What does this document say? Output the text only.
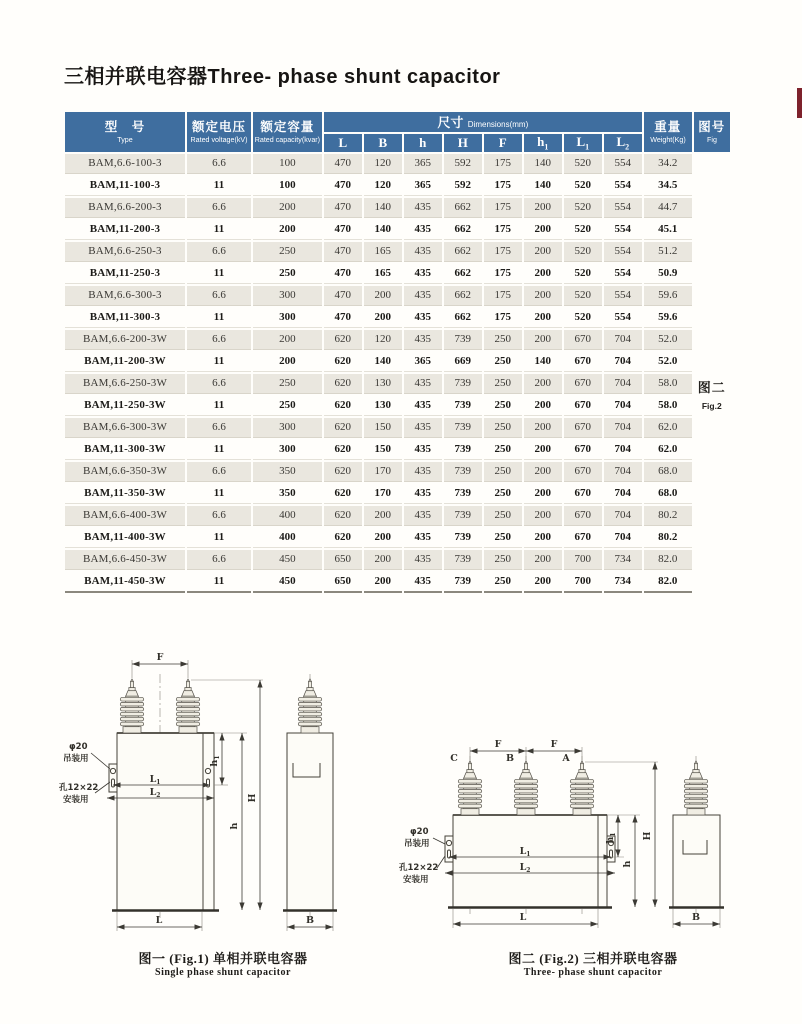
三相并联电容器Three- phase shunt capacitor
型　号
Type

额定电压
Rated voltage(kV)

额定容量
Rated capacity(kvar)
	尺寸 Dimensions(mm)	重量
Weight(Kg)

图号
Fig

			L	B	h	H	F	$h_1$	$L_1$	$L_2$
BAM,6.6-100-3	6.6	100	470	120	365	592	175	140	520	554	34.2	图二
Fig.2

BAM,11-100-3	11	100	470	120	365	592	175	140	520	554	34.5	
BAM,6.6-200-3	6.6	200	470	140	435	662	175	200	520	554	44.7	
BAM,11-200-3	11	200	470	140	435	662	175	200	520	554	45.1	
BAM,6.6-250-3	6.6	250	470	165	435	662	175	200	520	554	51.2	
BAM,11-250-3	11	250	470	165	435	662	175	200	520	554	50.9	
BAM,6.6-300-3	6.6	300	470	200	435	662	175	200	520	554	59.6	
BAM,11-300-3	11	300	470	200	435	662	175	200	520	554	59.6	
BAM,6.6-200-3W	6.6	200	620	120	435	739	250	200	670	704	52.0	
BAM,11-200-3W	11	200	620	140	365	669	250	140	670	704	52.0	
BAM,6.6-250-3W	6.6	250	620	130	435	739	250	200	670	704	58.0	
BAM,11-250-3W	11	250	620	130	435	739	250	200	670	704	58.0	
BAM,6.6-300-3W	6.6	300	620	150	435	739	250	200	670	704	62.0	
BAM,11-300-3W	11	300	620	150	435	739	250	200	670	704	62.0	
BAM,6.6-350-3W	6.6	350	620	170	435	739	250	200	670	704	68.0	
BAM,11-350-3W	11	350	620	170	435	739	250	200	670	704	68.0	
BAM,6.6-400-3W	6.6	400	620	200	435	739	250	200	670	704	80.2	
BAM,11-400-3W	11	400	620	200	435	739	250	200	670	704	80.2	
BAM,6.6-450-3W	6.6	450	650	200	435	739	250	200	700	734	82.0	
BAM,11-450-3W	11	450	650	200	435	739	250	200	700	734	82.0	
F
H
h
$h_1$
$L_1$
$L_2$
L	B
φ20
吊装用
孔12×22
安装用
C	B	A
F	F
H
$h_1$
h
$L_1$
$L_2$
L	B
φ20
吊装用
孔12×22
安装用
图一 (Fig.1) 单相并联电容器
Single phase shunt capacitor
图二 (Fig.2) 三相并联电容器
Three- phase shunt capacitor
